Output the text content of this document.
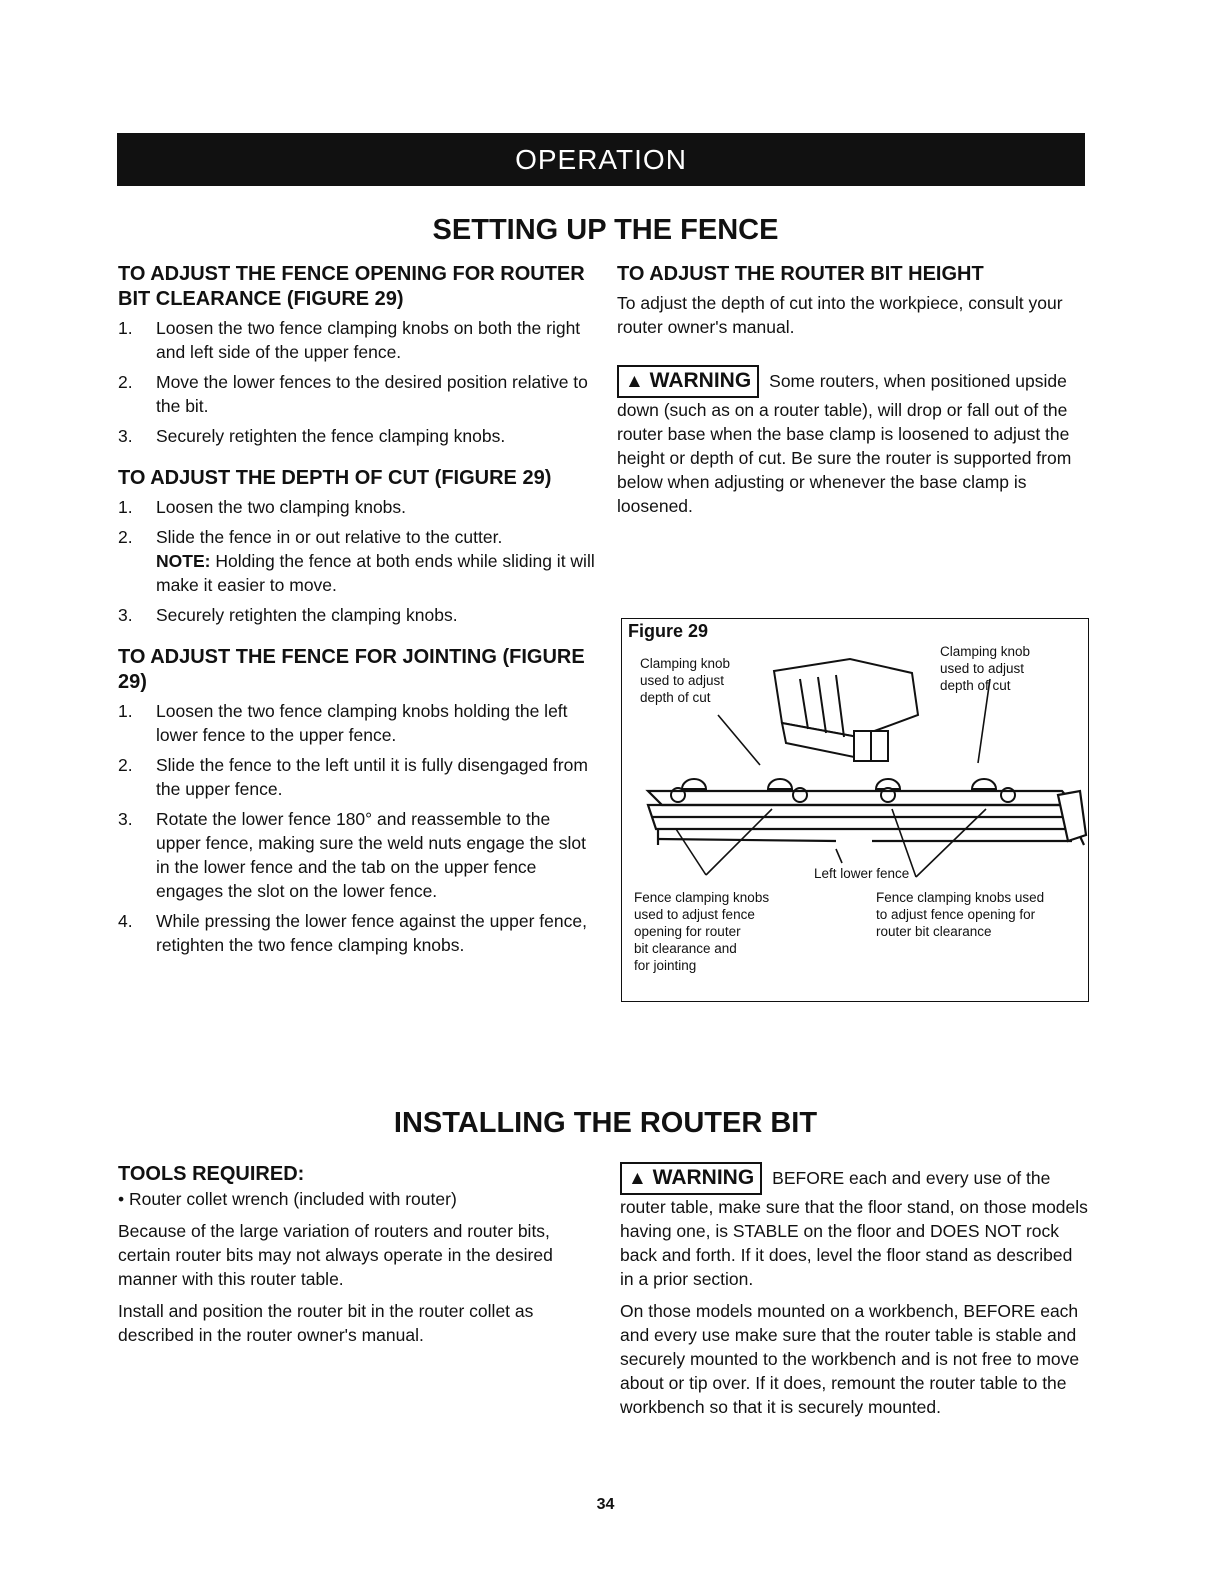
OPERATION
SETTING UP THE FENCE
TO ADJUST THE FENCE OPENING FOR ROUTER BIT CLEARANCE (FIGURE 29)
1. Loosen the two fence clamping knobs on both the right and left side of the upper fence.
2. Move the lower fences to the desired position relative to the bit.
3. Securely retighten the fence clamping knobs.
TO ADJUST THE DEPTH OF CUT (FIGURE 29)
1. Loosen the two clamping knobs.
2. Slide the fence in or out relative to the cutter.
NOTE: Holding the fence at both ends while sliding it will make it easier to move.
3. Securely retighten the clamping knobs.
TO ADJUST THE FENCE FOR JOINTING (FIGURE 29)
1. Loosen the two fence clamping knobs holding the left lower fence to the upper fence.
2. Slide the fence to the left until it is fully disengaged from the upper fence.
3. Rotate the lower fence 180° and reassemble to the upper fence, making sure the weld nuts engage the slot in the lower fence and the tab on the upper fence engages the slot on the lower fence.
4. While pressing the lower fence against the upper fence, retighten the two fence clamping knobs.
TO ADJUST THE ROUTER BIT HEIGHT

To adjust the depth of cut into the workpiece, consult your router owner's manual.

▲ WARNING Some routers, when positioned upside down (such as on a router table), will drop or fall out of the router base when the base clamp is loosened to adjust the height or depth of cut. Be sure the router is supported from below when adjusting or whenever the base clamp is loosened.
Figure 29
Clamping knob
used to adjust
depth of cut
Clamping knob
used to adjust
depth of cut
Left lower fence
Fence clamping knobs
used to adjust fence
opening for router
bit clearance and
for jointing
Fence clamping knobs used
to adjust fence opening for
router bit clearance
INSTALLING THE ROUTER BIT
TOOLS REQUIRED:

• Router collet wrench (included with router)

Because of the large variation of routers and router bits, certain router bits may not always operate in the desired manner with this router table.

Install and position the router bit in the router collet as described in the router owner's manual.

▲ WARNING BEFORE each and every use of the router table, make sure that the floor stand, on those models having one, is STABLE on the floor and DOES NOT rock back and forth. If it does, level the floor stand as described in a prior section.

On those models mounted on a workbench, BEFORE each and every use make sure that the router table is stable and securely mounted to the workbench and is not free to move about or tip over. If it does, remount the router table to the workbench so that it is securely mounted.

34
